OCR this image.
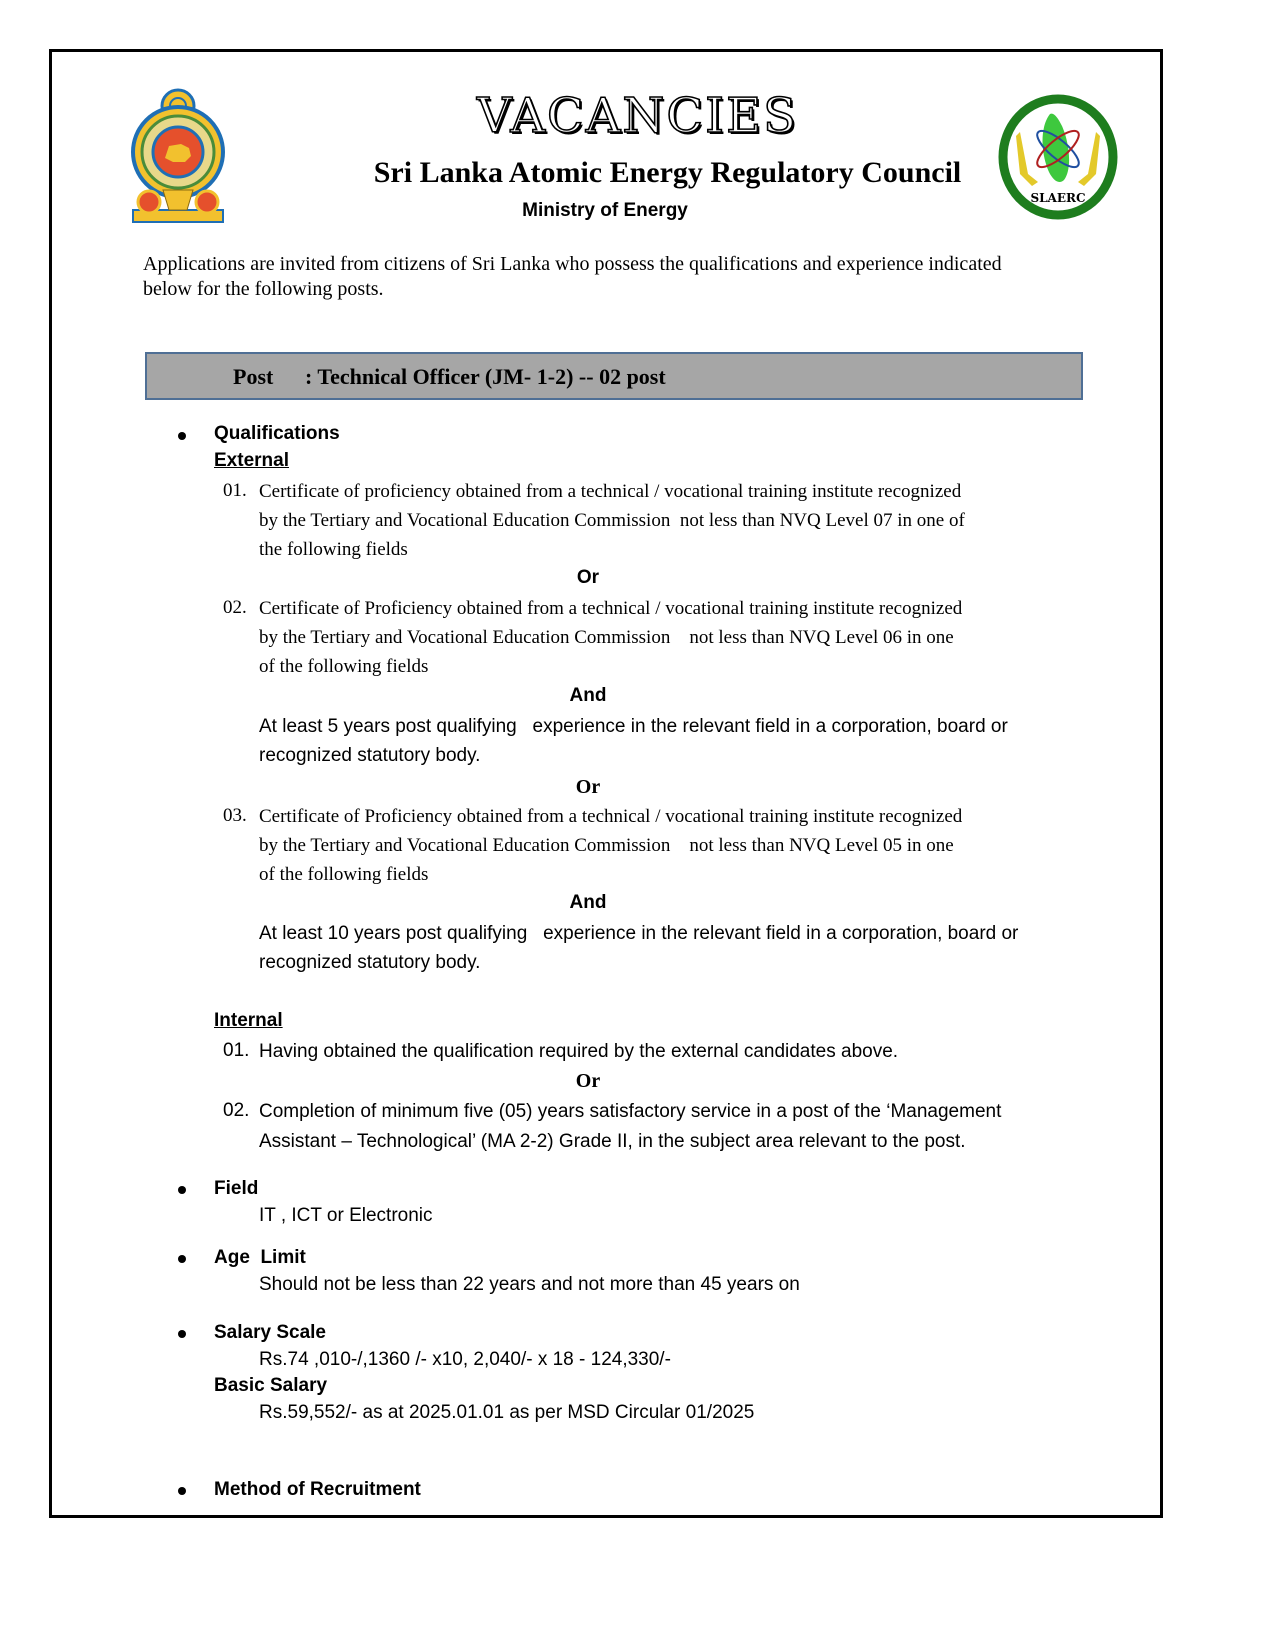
SLAERC
VACANCIES
Sri Lanka Atomic Energy Regulatory Council
Ministry of Energy
Applications are invited from citizens of Sri Lanka who possess the qualifications and experience indicated
below for the following posts.
Post : Technical Officer (JM- 1-2) -- 02 post
Qualifications
External
01. Certificate of proficiency obtained from a technical / vocational training institute recognized
by the Tertiary and Vocational Education Commission  not less than NVQ Level 07 in one of
the following fields
Or
02. Certificate of Proficiency obtained from a technical / vocational training institute recognized
by the Tertiary and Vocational Education Commission    not less than NVQ Level 06 in one
of the following fields
And
At least 5 years post qualifying   experience in the relevant field in a corporation, board or
recognized statutory body.
Or
03. Certificate of Proficiency obtained from a technical / vocational training institute recognized
by the Tertiary and Vocational Education Commission    not less than NVQ Level 05 in one
of the following fields
And
At least 10 years post qualifying   experience in the relevant field in a corporation, board or
recognized statutory body.
Internal
01. Having obtained the qualification required by the external candidates above.
Or
02. Completion of minimum five (05) years satisfactory service in a post of the ‘Management
Assistant – Technological’ (MA 2-2) Grade II, in the subject area relevant to the post.
Field
IT , ICT or Electronic
Age  Limit
Should not be less than 22 years and not more than 45 years on
Salary Scale
Rs.74 ,010-/,1360 /- x10, 2,040/- x 18 - 124,330/-
Basic Salary
Rs.59,552/- as at 2025.01.01 as per MSD Circular 01/2025
Method of Recruitment
